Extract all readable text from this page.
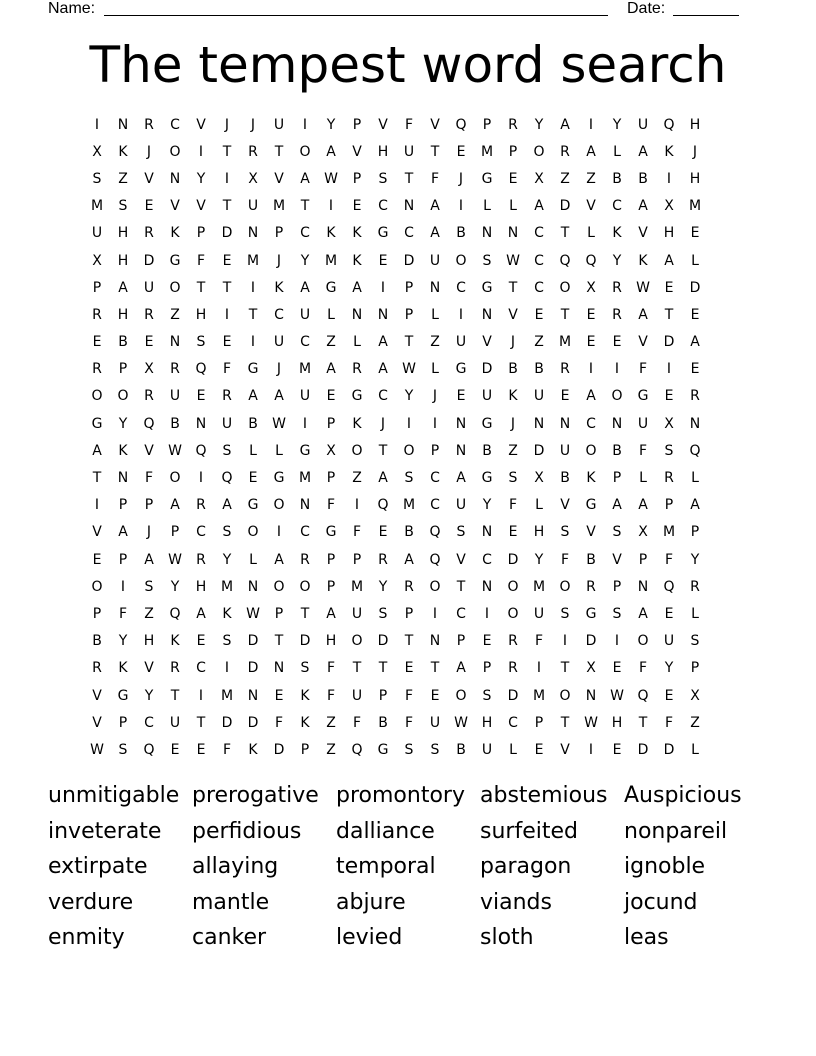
Name:	Date:
The tempest word search
I	N	R	C	V	J	J	U	I	Y	P	V	F	V	Q	P	R	Y	A	I	Y	U	Q	H
X	K	J	O	I	T	R	T	O	A	V	H	U	T	E	M	P	O	R	A	L	A	K	J
S	Z	V	N	Y	I	X	V	A	W	P	S	T	F	J	G	E	X	Z	Z	B	B	I	H
M	S	E	V	V	T	U	M	T	I	E	C	N	A	I	L	L	A	D	V	C	A	X	M
U	H	R	K	P	D	N	P	C	K	K	G	C	A	B	N	N	C	T	L	K	V	H	E
X	H	D	G	F	E	M	J	Y	M	K	E	D	U	O	S	W	C	Q	Q	Y	K	A	L
P	A	U	O	T	T	I	K	A	G	A	I	P	N	C	G	T	C	O	X	R	W	E	D
R	H	R	Z	H	I	T	C	U	L	N	N	P	L	I	N	V	E	T	E	R	A	T	E
E	B	E	N	S	E	I	U	C	Z	L	A	T	Z	U	V	J	Z	M	E	E	V	D	A
R	P	X	R	Q	F	G	J	M	A	R	A	W	L	G	D	B	B	R	I	I	F	I	E
O	O	R	U	E	R	A	A	U	E	G	C	Y	J	E	U	K	U	E	A	O	G	E	R
G	Y	Q	B	N	U	B	W	I	P	K	J	I	I	N	G	J	N	N	C	N	U	X	N
A	K	V	W Q	S	L	L	G	X	O	T	O	P	N	B	Z	D	U	O	B	F	S	Q
T	N	F	O	I	Q	E	G	M	P	Z	A	S	C	A	G	S	X	B	K	P	L	R	L
I	P	P	A	R	A	G	O	N	F	I	Q	M	C	U	Y	F	L	V	G	A	A	P	A
V	A	J	P	C	S	O	I	C	G	F	E	B	Q	S	N	E	H	S	V	S	X	M	P
E	P	A	W	R	Y	L	A	R	P	P	R	A	Q	V	C	D	Y	F	B	V	P	F	Y
O	I	S	Y	H	M	N	O	O	P	M	Y	R	O	T	N	O	M	O	R	P	N	Q	R
P	F	Z	Q	A	K	W	P	T	A	U	S	P	I	C	I	O	U	S	G	S	A	E	L
B	Y	H	K	E	S	D	T	D	H	O	D	T	N	P	E	R	F	I	D	I	O	U	S
R	K	V	R	C	I	D	N	S	F	T	T	E	T	A	P	R	I	T	X	E	F	Y	P
V	G	Y	T	I	M	N	E	K	F	U	P	F	E	O	S	D	M	O	N W Q	E	X
V	P	C	U	T	D	D	F	K	Z	F	B	F	U W H	C	P	T	W H	T	F	Z
W	S	Q	E	E	F	K	D	P	Z	Q	G	S	S	B	U	L	E	V	I	E	D	D	L
unmitigable prerogative promontory abstemious Auspicious
inveterate	perfidious	dalliance	surfeited	nonpareil
extirpate	allaying	temporal	paragon	ignoble
verdure	mantle	abjure	viands	jocund
enmity	canker	levied	sloth	leas
